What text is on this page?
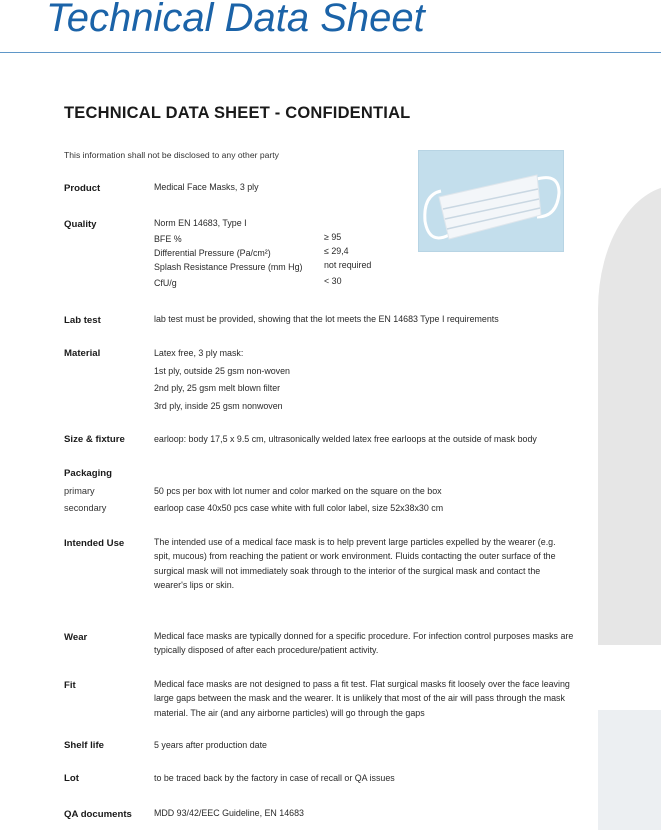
Technical Data Sheet
TECHNICAL DATA SHEET - CONFIDENTIAL
This information shall not be disclosed to any other party
Product	Medical Face Masks, 3 ply
Quality	Norm EN 14683, Type I
BFE %	≥ 95
Differential Pressure (Pa/cm²)	≤ 29,4
Splash Resistance Pressure (mm Hg) not required
CfU/g	< 30
Lab test	lab test must be provided, showing that the lot meets the EN 14683 Type I requirements
Material	Latex free, 3 ply mask:
1st ply, outside 25 gsm non-woven
2nd ply, 25 gsm melt blown filter
3rd ply, inside 25 gsm nonwoven
Size & fixture	earloop: body 17,5 x 9.5 cm, ultrasonically welded latex free earloops at the outside of mask body
Packaging
primary	50 pcs per box with lot numer and color marked on the square on the box
secondary	earloop case 40x50 pcs case white with full color label, size 52x38x30 cm
Intended Use	The intended use of a medical face mask is to help prevent large particles expelled by the wearer (e.g. spit, mucous) from reaching the patient or work environment. Fluids contacting the outer surface of the surgical mask will not immediately soak through to the interior of the surgical mask and contact the wearer's lips or skin.
Wear	Medical face masks are typically donned for a specific procedure. For infection control purposes masks are typically disposed of after each procedure/patient activity.
Fit	Medical face masks are not designed to pass a fit test. Flat surgical masks fit loosely over the face leaving large gaps between the mask and the wearer. It is unlikely that most of the air will pass through the mask material. The air (and any airborne particles) will go through the gaps
Shelf life	5 years after production date
Lot	to be traced back by the factory in case of recall or QA issues
QA documents MDD 93/42/EEC Guideline, EN 14683
